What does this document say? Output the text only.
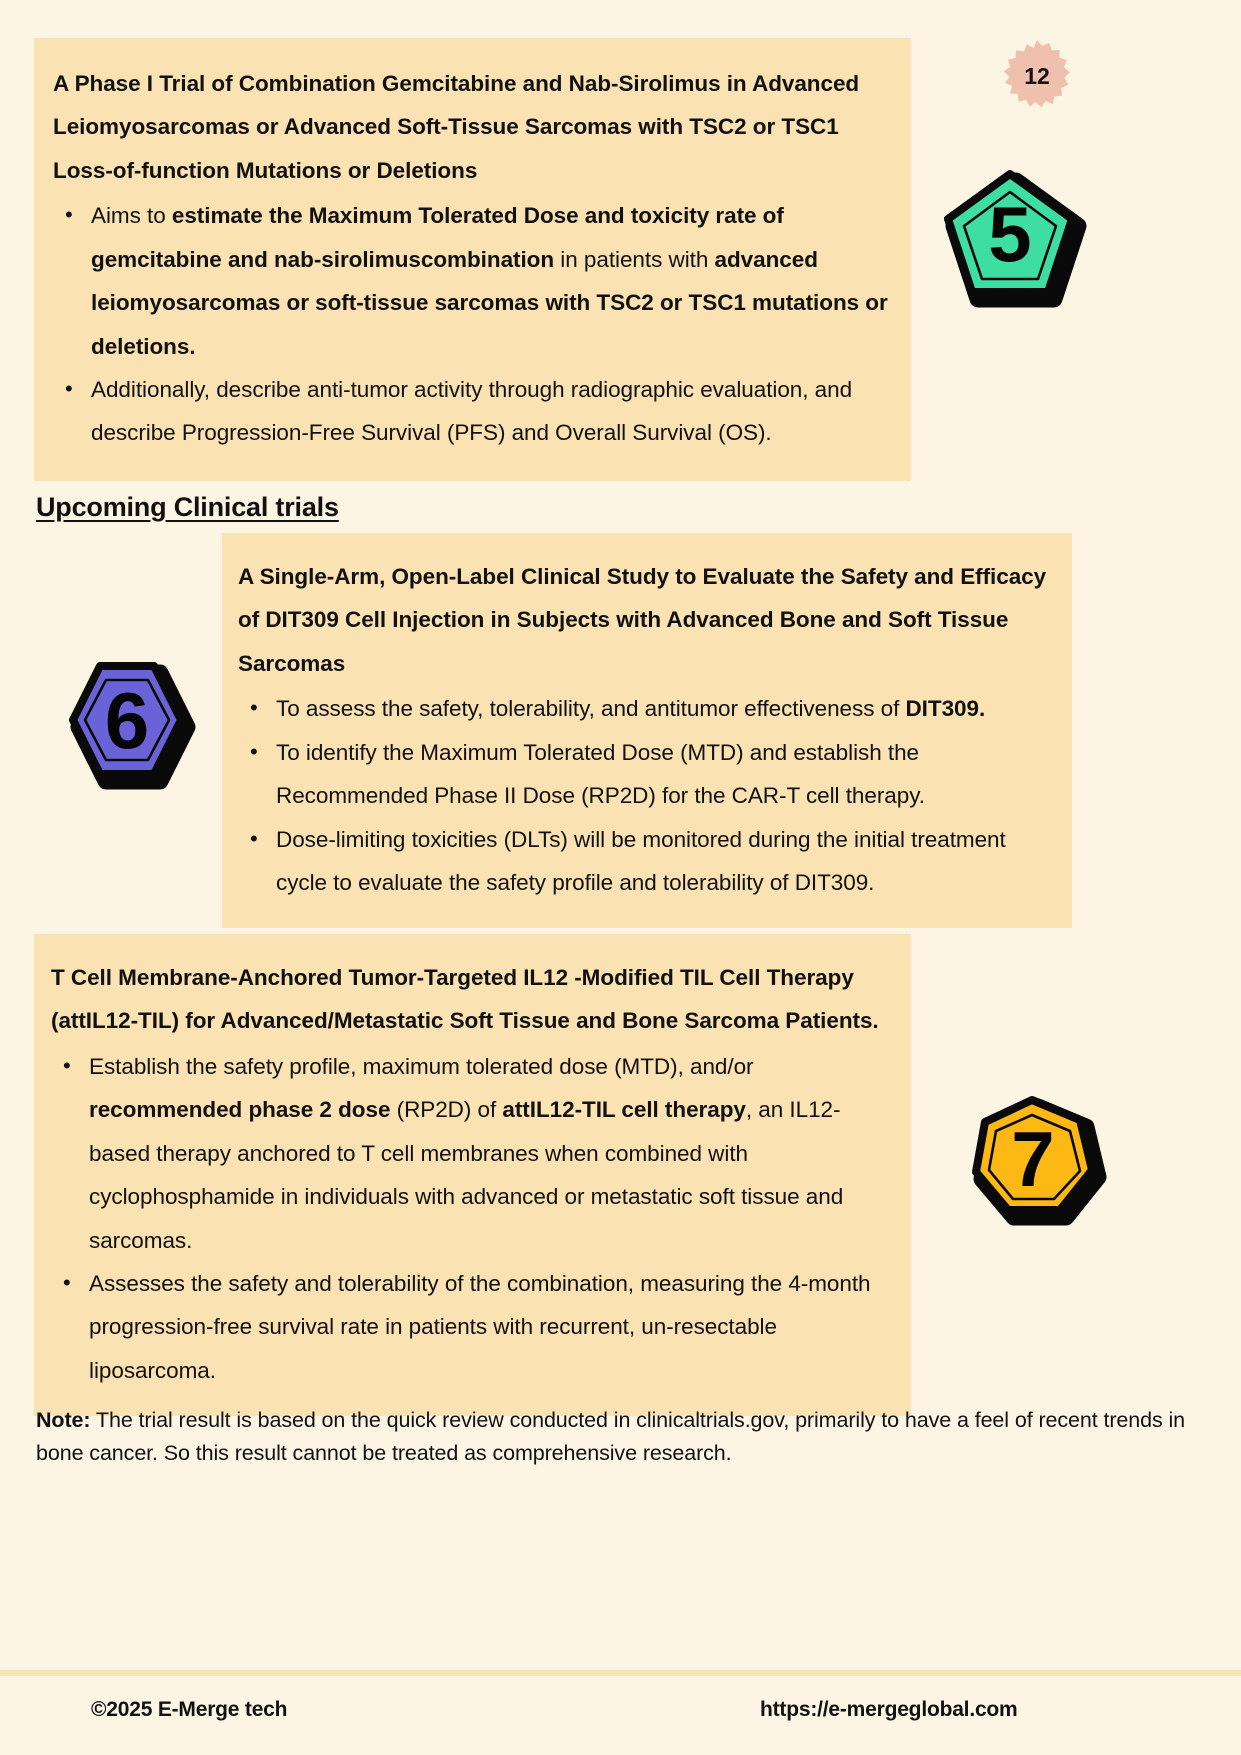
12
A Phase I Trial of Combination Gemcitabine and Nab-Sirolimus in Advanced Leiomyosarcomas or Advanced Soft-Tissue Sarcomas with TSC2 or TSC1 Loss-of-function Mutations or Deletions
• Aims to estimate the Maximum Tolerated Dose and toxicity rate of gemcitabine and nab-sirolimuscombination in patients with advanced leiomyosarcomas or soft-tissue sarcomas with TSC2 or TSC1 mutations or deletions.
• Additionally, describe anti-tumor activity through radiographic evaluation, and describe Progression-Free Survival (PFS) and Overall Survival (OS).
5
Upcoming Clinical trials
6
A Single-Arm, Open-Label Clinical Study to Evaluate the Safety and Efficacy of DIT309 Cell Injection in Subjects with Advanced Bone and Soft Tissue Sarcomas
• To assess the safety, tolerability, and antitumor effectiveness of DIT309.
• To identify the Maximum Tolerated Dose (MTD) and establish the Recommended Phase II Dose (RP2D) for the CAR-T cell therapy.
• Dose-limiting toxicities (DLTs) will be monitored during the initial treatment cycle to evaluate the safety profile and tolerability of DIT309.
T Cell Membrane-Anchored Tumor-Targeted IL12 -Modified TIL Cell Therapy (attIL12-TIL) for Advanced/Metastatic Soft Tissue and Bone Sarcoma Patients.
• Establish the safety profile, maximum tolerated dose (MTD), and/or recommended phase 2 dose (RP2D) of attIL12-TIL cell therapy, an IL12-based therapy anchored to T cell membranes when combined with cyclophosphamide in individuals with advanced or metastatic soft tissue and sarcomas.
• Assesses the safety and tolerability of the combination, measuring the 4-month progression-free survival rate in patients with recurrent, un-resectable liposarcoma.
7
Note: The trial result is based on the quick review conducted in clinicaltrials.gov, primarily to have a feel of recent trends in bone cancer. So this result cannot be treated as comprehensive research.
©2025 E-Merge tech	https://e-mergeglobal.com
